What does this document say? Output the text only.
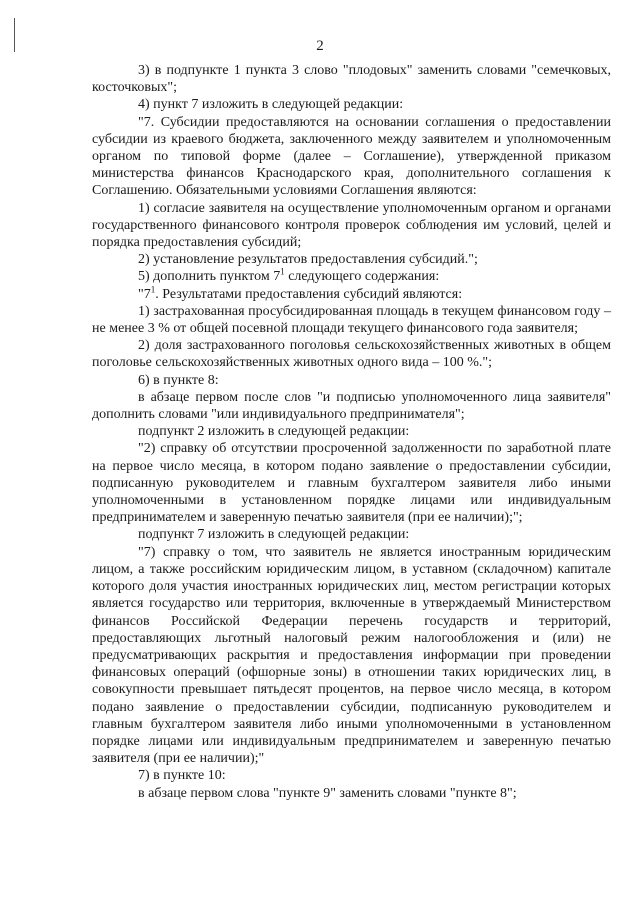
2

3) в подпункте 1 пункта 3 слово "плодовых" заменить словами "семечковых, косточковых";

4) пункт 7 изложить в следующей редакции:

"7. Субсидии предоставляются на основании соглашения о предоставлении субсидии из краевого бюджета, заключенного между заявителем и уполномоченным органом по типовой форме (далее – Соглашение), утвержденной приказом министерства финансов Краснодарского края, дополнительного соглашения к Соглашению. Обязательными условиями Соглашения являются:

1) согласие заявителя на осуществление уполномоченным органом и органами государственного финансового контроля проверок соблюдения им условий, целей и порядка предоставления субсидий;

2) установление результатов предоставления субсидий.";

5) дополнить пунктом $7^1$ следующего содержания:

"$7^1$. Результатами предоставления субсидий являются:

1) застрахованная просубсидированная площадь в текущем финансовом году – не менее 3 % от общей посевной площади текущего финансового года заявителя;

2) доля застрахованного поголовья сельскохозяйственных животных в общем поголовье сельскохозяйственных животных одного вида – 100 %.";

6) в пункте 8:

в абзаце первом после слов "и подписью уполномоченного лица заявителя" дополнить словами "или индивидуального предпринимателя";

подпункт 2 изложить в следующей редакции:

"2) справку об отсутствии просроченной задолженности по заработной плате на первое число месяца, в котором подано заявление о предоставлении субсидии, подписанную руководителем и главным бухгалтером заявителя либо иными уполномоченными в установленном порядке лицами или индивидуальным предпринимателем и заверенную печатью заявителя (при ее наличии);";

подпункт 7 изложить в следующей редакции:

"7) справку о том, что заявитель не является иностранным юридическим лицом, а также российским юридическим лицом, в уставном (складочном) капитале которого доля участия иностранных юридических лиц, местом регистрации которых является государство или территория, включенные в утверждаемый Министерством финансов Российской Федерации перечень государств и территорий, предоставляющих льготный налоговый режим налогообложения и (или) не предусматривающих раскрытия и предоставления информации при проведении финансовых операций (офшорные зоны) в отношении таких юридических лиц, в совокупности превышает пятьдесят процентов, на первое число месяца, в котором подано заявление о предоставлении субсидии, подписанную руководителем и главным бухгалтером заявителя либо иными уполномоченными в установленном порядке лицами или индивидуальным предпринимателем и заверенную печатью заявителя (при ее наличии);"

7) в пункте 10:

в абзаце первом слова "пункте 9" заменить словами "пункте 8";
